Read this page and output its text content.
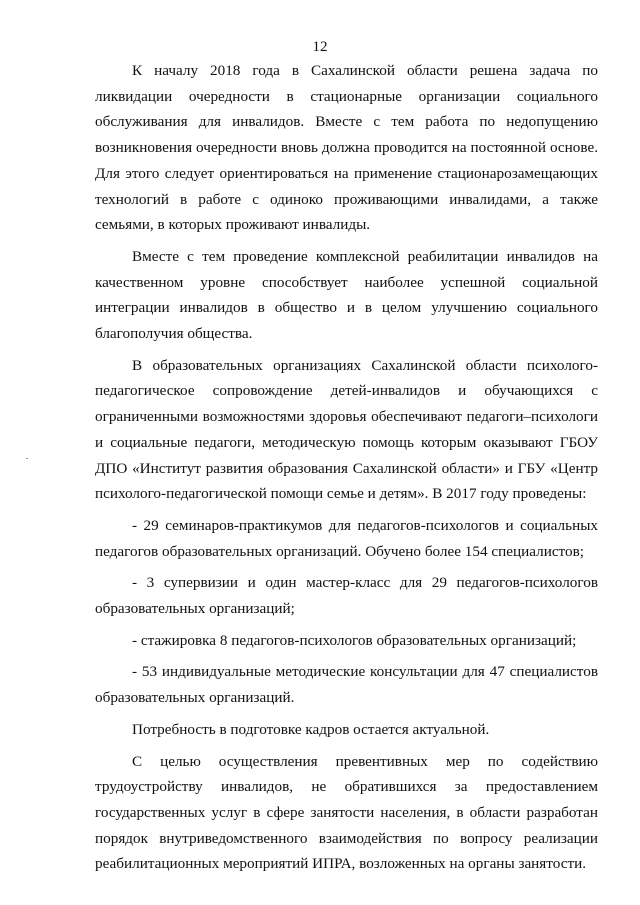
12

К началу 2018 года в Сахалинской области решена задача по ликвидации очередности в стационарные организации социального обслуживания для инвалидов. Вместе с тем работа по недопущению возникновения очередности вновь должна проводится на постоянной основе. Для этого следует ориентироваться на применение стационарозамещающих технологий в работе с одиноко проживающими инвалидами, а также семьями, в которых проживают инвалиды.

Вместе с тем проведение комплексной реабилитации инвалидов на качественном уровне способствует наиболее успешной социальной интеграции инвалидов в общество и в целом улучшению социального благополучия общества.

В образовательных организациях Сахалинской области психолого-педагогическое сопровождение детей-инвалидов и обучающихся с ограниченными возможностями здоровья обеспечивают педагоги–психологи и социальные педагоги, методическую помощь которым оказывают ГБОУ ДПО «Институт развития образования Сахалинской области» и ГБУ «Центр психолого-педагогической помощи семье и детям». В 2017 году проведены:

- 29 семинаров-практикумов для педагогов-психологов и социальных педагогов образовательных организаций. Обучено более 154 специалистов;

- 3 супервизии и один мастер-класс для 29 педагогов-психологов образовательных организаций;

- стажировка 8 педагогов-психологов образовательных организаций;

- 53 индивидуальные методические консультации для 47 специалистов образовательных организаций.

Потребность в подготовке кадров остается актуальной.

С целью осуществления превентивных мер по содействию трудоустройству инвалидов, не обратившихся за предоставлением государственных услуг в сфере занятости населения, в области разработан порядок внутриведомственного взаимодействия по вопросу реализации реабилитационных мероприятий ИПРА, возложенных на органы занятости.
